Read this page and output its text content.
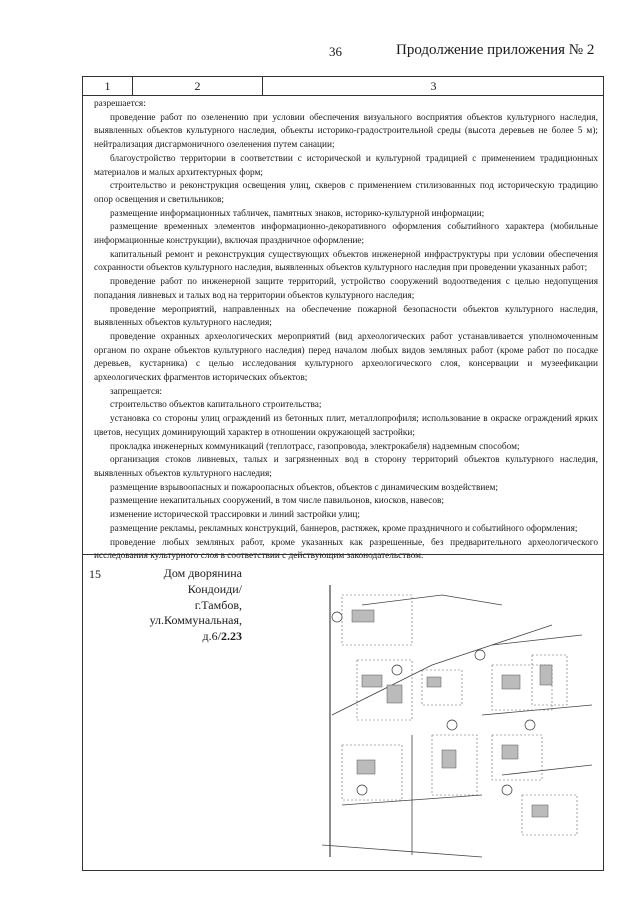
36	Продолжение приложения № 2
1	2	3

разрешается:

проведение работ по озеленению при условии обеспечения визуального восприятия объектов культурного наследия, выявленных объектов культурного наследия, объекты историко-градостроительной среды (высота деревьев не более 5 м); нейтрализация дисгармоничного озеленения путем санации;

благоустройство территории в соответствии с исторической и культурной традицией с применением традиционных материалов и малых архитектурных форм;

строительство и реконструкция освещения улиц, скверов с применением стилизованных под историческую традицию опор освещения и светильников;

размещение информационных табличек, памятных знаков, историко-культурной информации;

размещение временных элементов информационно-декоративного оформления событийного характера (мобильные информационные конструкции), включая праздничное оформление;

капитальный ремонт и реконструкция существующих объектов инженерной инфраструктуры при условии обеспечения сохранности объектов культурного наследия, выявленных объектов культурного наследия при проведении указанных работ;

проведение работ по инженерной защите территорий, устройство сооружений водоотведения с целью недопущения попадания ливневых и талых вод на территории объектов культурного наследия;

проведение мероприятий, направленных на обеспечение пожарной безопасности объектов культурного наследия, выявленных объектов культурного наследия;

проведение охранных археологических мероприятий (вид археологических работ устанавливается уполномоченным органом по охране объектов культурного наследия) перед началом любых видов земляных работ (кроме работ по посадке деревьев, кустарника) с целью исследования культурного археологического слоя, консервации и музеефикации археологических фрагментов исторических объектов;

запрещается:

строительство объектов капитального строительства;

установка со стороны улиц ограждений из бетонных плит, металлопрофиля; использование в окраске ограждений ярких цветов, несущих доминирующий характер в отношении окружающей застройки;

прокладка инженерных коммуникаций (теплотрасс, газопровода, электрокабеля) надземным способом;

организация стоков ливневых, талых и загрязненных вод в сторону территорий объектов культурного наследия, выявленных объектов культурного наследия;

размещение взрывоопасных и пожароопасных объектов, объектов с динамическим воздействием;

размещение некапитальных сооружений, в том числе павильонов, киосков, навесов;

изменение исторической трассировки и линий застройки улиц;

размещение рекламы, рекламных конструкций, баннеров, растяжек, кроме праздничного и событийного оформления;

проведение любых земляных работ, кроме указанных как разрешенные, без предварительного археологического исследования культурного слоя в соответствии с действующим законодательством.

15	Дом дворянина
Кондоиди/
г.Тамбов,
ул.Коммунальная,
д.6/2.23
